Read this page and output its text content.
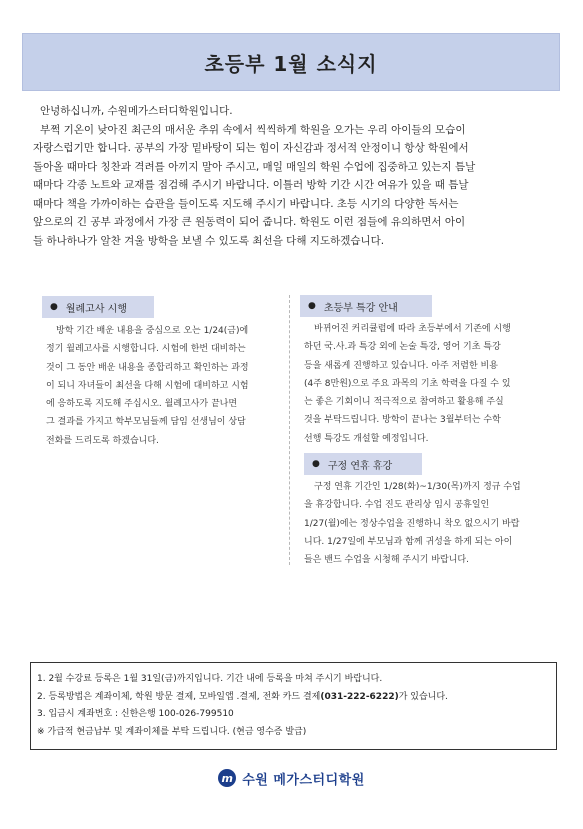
초등부 1월 소식지

안녕하십니까, 수원메가스터디학원입니다.

부쩍 기온이 낮아진 최근의 매서운 추위 속에서 씩씩하게 학원을 오가는 우리 아이들의 모습이

자랑스럽기만 합니다. 공부의 가장 밑바탕이 되는 힘이 자신감과 정서적 안정이니 항상 학원에서

돌아올 때마다 칭찬과 격려를 아끼지 말아 주시고, 매일 매일의 학원 수업에 집중하고 있는지 틈날

때마다 각종 노트와 교재를 점검해 주시기 바랍니다. 이틀러 방학 기간 시간 여유가 있을 때 틈날

때마다 책을 가까이하는 습관을 들이도록 지도해 주시기 바랍니다. 초등 시기의 다양한 독서는

앞으로의 긴 공부 과정에서 가장 큰 원동력이 되어 줍니다. 학원도 이런 점들에 유의하면서 아이

들 하나하나가 알찬 겨울 방학을 보낼 수 있도록 최선을 다해 지도하겠습니다.

● 월례고사 시행

방학 기간 배운 내용을 중심으로 오는 1/24(금)에

정기 월례고사를 시행합니다. 시험에 한번 대비하는

것이 그 동안 배운 내용을 종합리하고 확인하는 과정

이 되니 자녀들이 최선을 다해 시험에 대비하고 시험

에 응하도록 지도해 주십시오. 월례고사가 끝나면

그 결과를 가지고 학부모님들께 담임 선생님이 상담

전화를 드리도록 하겠습니다.

● 초등부 특강 안내

바뀌어진 커리큘럼에 따라 초등부에서 기존에 시행

하던 국.사.과 특강 외에 논술 특강, 영어 기초 특강

등을 새롭게 진행하고 있습니다. 아주 저렴한 비용

(4주 8만원)으로 주요 과목의 기초 학력을 다질 수 있

는 좋은 기회이니 적극적으로 참여하고 활용해 주실

것을 부탁드립니다. 방학이 끝나는 3월부터는 수학

선행 특강도 개설할 예정입니다.

● 구정 연휴 휴강

구정 연휴 기간인 1/28(화)~1/30(목)까지 정규 수업

을 휴강합니다. 수업 진도 관리상 임시 공휴일인

1/27(월)에는 정상수업을 진행하니 착오 없으시기 바랍

니다. 1/27일에 부모님과 함께 귀성을 하게 되는 아이

들은 밴드 수업을 시청해 주시기 바랍니다.

1. 2월 수강료 등록은 1월 31일(금)까지입니다. 기간 내에 등록을 마쳐 주시기 바랍니다.

2. 등록방법은 계좌이체, 학원 방문 결제, 모바일앱 .결제, 전화 카드 결제(031-222-6222)가 있습니다.

3. 입금시 계좌번호 : 신한은행 100-026-799510

※ 가급적 현금납부 및 계좌이체를 부탁 드립니다. (현금 영수증 발급)

m 수원 메가스터디학원
